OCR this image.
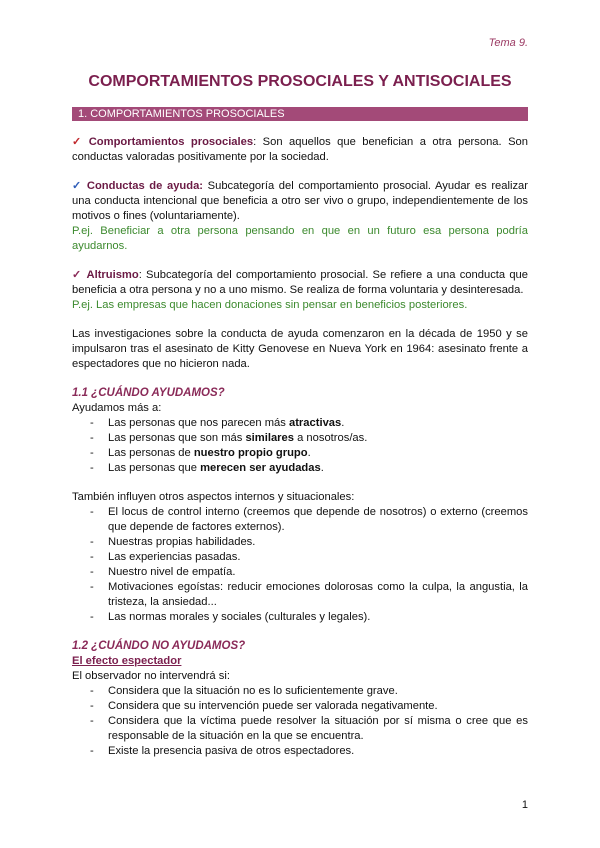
Tema 9.
COMPORTAMIENTOS PROSOCIALES Y ANTISOCIALES
1. COMPORTAMIENTOS PROSOCIALES

✓ Comportamientos prosociales: Son aquellos que benefician a otra persona. Son conductas valoradas positivamente por la sociedad.

✓ Conductas de ayuda: Subcategoría del comportamiento prosocial. Ayudar es realizar una conducta intencional que beneficia a otro ser vivo o grupo, independientemente de los motivos o fines (voluntariamente).
P.ej. Beneficiar a otra persona pensando en que en un futuro esa persona podría ayudarnos.

✓ Altruismo: Subcategoría del comportamiento prosocial. Se refiere a una conducta que beneficia a otra persona y no a uno mismo. Se realiza de forma voluntaria y desinteresada.
P.ej. Las empresas que hacen donaciones sin pensar en beneficios posteriores.

Las investigaciones sobre la conducta de ayuda comenzaron en la década de 1950 y se impulsaron tras el asesinato de Kitty Genovese en Nueva York en 1964: asesinato frente a espectadores que no hicieron nada.

1.1 ¿CUÁNDO AYUDAMOS?
Ayudamos más a:
- Las personas que nos parecen más atractivas.
- Las personas que son más similares a nosotros/as.
- Las personas de nuestro propio grupo.
- Las personas que merecen ser ayudadas.
También influyen otros aspectos internos y situacionales:
- El locus de control interno (creemos que depende de nosotros) o externo (creemos que depende de factores externos).
- Nuestras propias habilidades.
- Las experiencias pasadas.
- Nuestro nivel de empatía.
- Motivaciones egoístas: reducir emociones dolorosas como la culpa, la angustia, la tristeza, la ansiedad...
- Las normas morales y sociales (culturales y legales).
1.2 ¿CUÁNDO NO AYUDAMOS?
El efecto espectador
El observador no intervendrá si:
- Considera que la situación no es lo suficientemente grave.
- Considera que su intervención puede ser valorada negativamente.
- Considera que la víctima puede resolver la situación por sí misma o cree que es responsable de la situación en la que se encuentra.
- Existe la presencia pasiva de otros espectadores.
1
